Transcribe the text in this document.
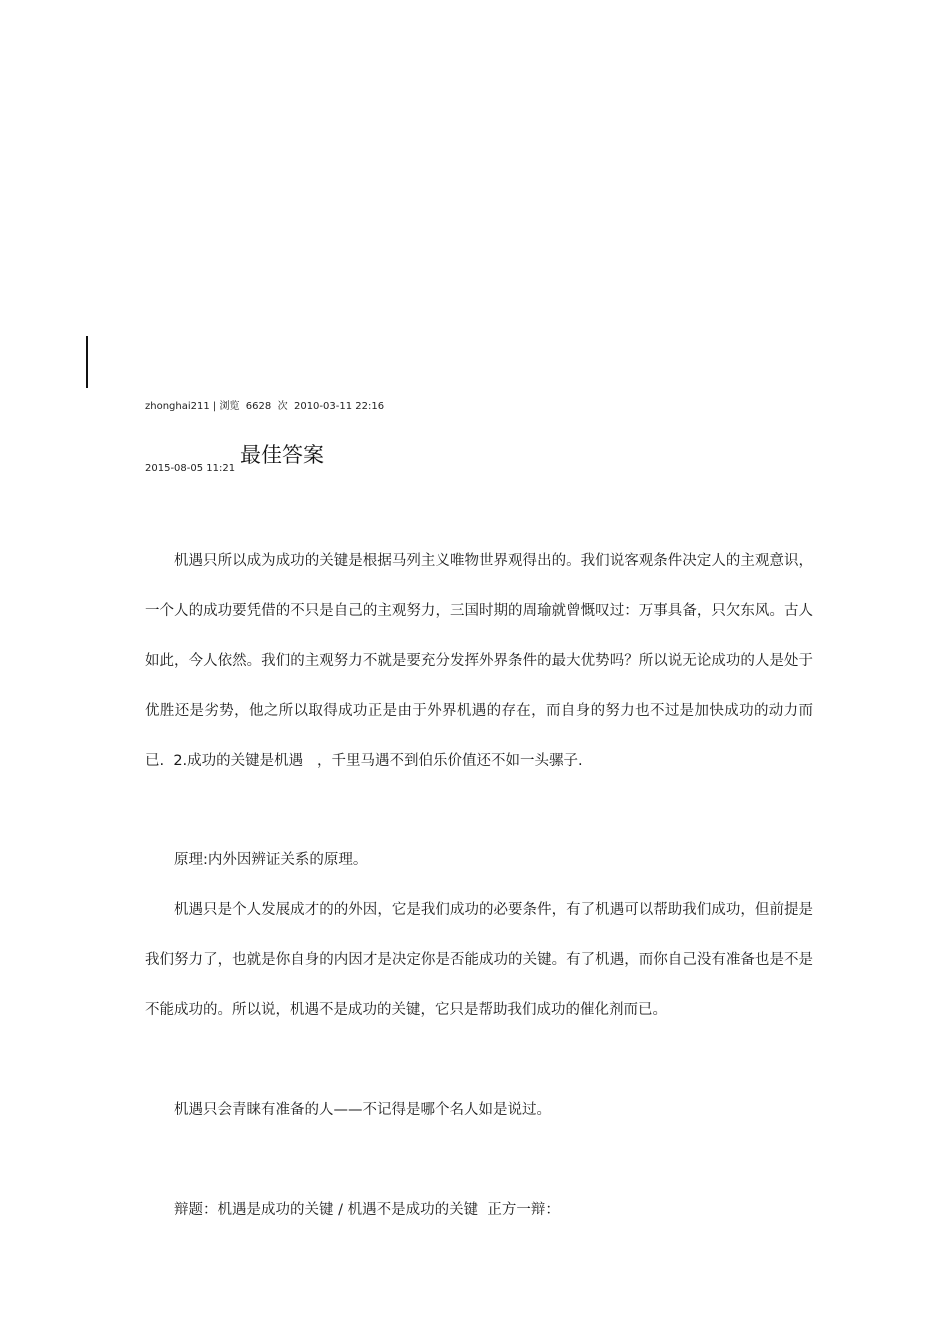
zhonghai211 | 浏览  6628  次  2010-03-11 22:16
2015-08-05 11:21
最佳答案

机遇只所以成为成功的关键是根据马列主义唯物世界观得出的。我们说客观条件决定人的主观意识，一个人的成功要凭借的不只是自己的主观努力，三国时期的周瑜就曾慨叹过：万事具备，只欠东风。古人如此，今人依然。我们的主观努力不就是要充分发挥外界条件的最大优势吗？所以说无论成功的人是处于优胜还是劣势，他之所以取得成功正是由于外界机遇的存在，而自身的努力也不过是加快成功的动力而已.  2.成功的关键是机遇   ，千里马遇不到伯乐价值还不如一头骡子.

原理:内外因辨证关系的原理。

机遇只是个人发展成才的的外因，它是我们成功的必要条件，有了机遇可以帮助我们成功，但前提是我们努力了，也就是你自身的内因才是决定你是否能成功的关键。有了机遇，而你自己没有准备也是不是不能成功的。所以说，机遇不是成功的关键，它只是帮助我们成功的催化剂而已。

机遇只会青睐有准备的人——不记得是哪个名人如是说过。

辩题：机遇是成功的关键 / 机遇不是成功的关键  正方一辩：
